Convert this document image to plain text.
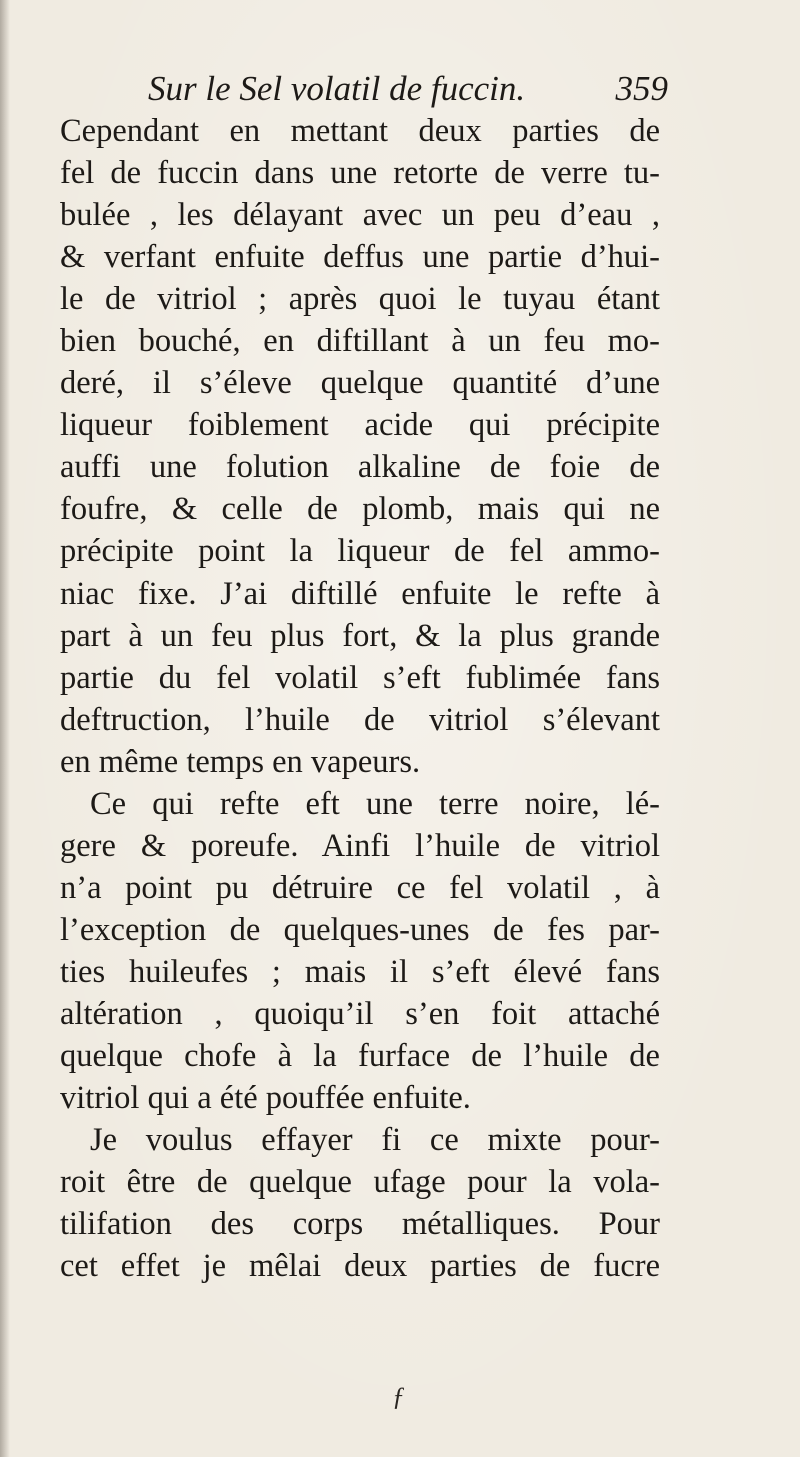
Sur le Sel volatil de fuccin.	359
Cependant en mettant deux parties de
fel de fuccin dans une retorte de verre tu-
bulée , les délayant avec un peu d’eau ,
& verfant enfuite deffus une partie d’hui-
le de vitriol ; après quoi le tuyau étant
bien bouché, en diftillant à un feu mo-
deré, il s’éleve quelque quantité d’une
liqueur foiblement acide qui précipite
auffi une folution alkaline de foie de
foufre, & celle de plomb, mais qui ne
précipite point la liqueur de fel ammo-
niac fixe. J’ai diftillé enfuite le refte à
part à un feu plus fort, & la plus grande
partie du fel volatil s’eft fublimée fans
deftruction, l’huile de vitriol s’élevant
en même temps en vapeurs.
Ce qui refte eft une terre noire, lé-
gere & poreufe. Ainfi l’huile de vitriol
n’a point pu détruire ce fel volatil , à
l’exception de quelques-unes de fes par-
ties huileufes ; mais il s’eft élevé fans
altération , quoiqu’il s’en foit attaché
quelque chofe à la furface de l’huile de
vitriol qui a été pouffée enfuite.
Je voulus effayer fi ce mixte pour-
roit être de quelque ufage pour la vola-
tilifation des corps métalliques. Pour
cet effet je mêlai deux parties de fucre
ƒ
